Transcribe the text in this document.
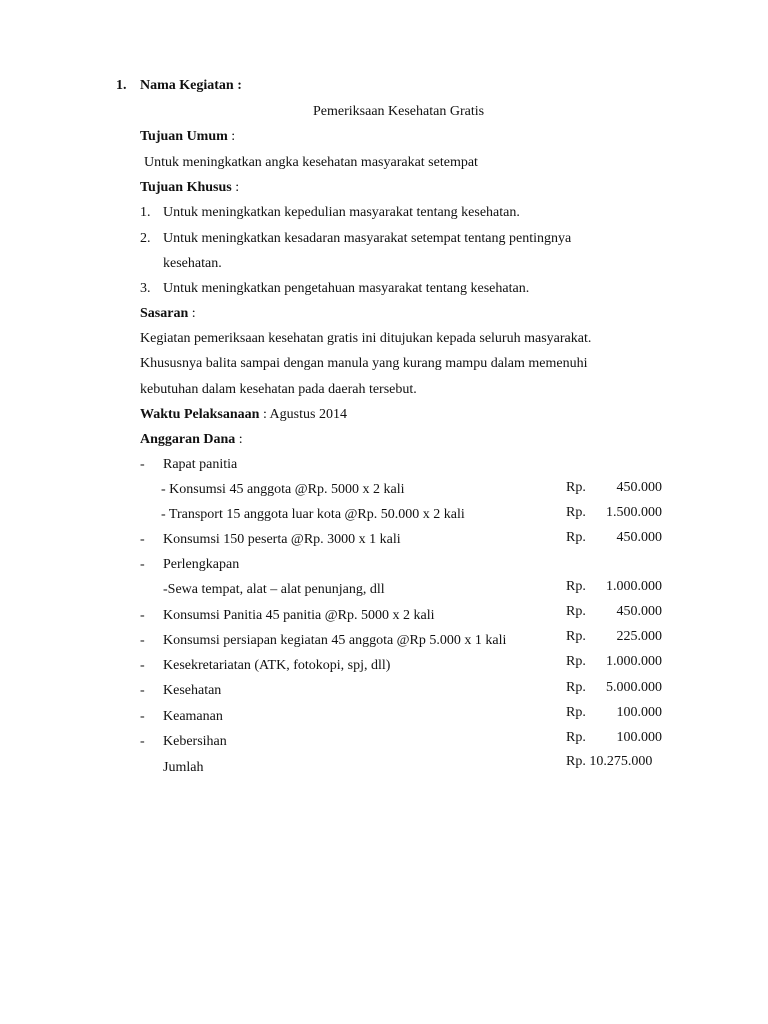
1. Nama Kegiatan :
Pemeriksaan Kesehatan Gratis
Tujuan Umum :
Untuk meningkatkan angka kesehatan masyarakat setempat
Tujuan Khusus :
1. Untuk meningkatkan kepedulian masyarakat tentang kesehatan.
2. Untuk meningkatkan kesadaran masyarakat setempat tentang pentingnya
kesehatan.
3. Untuk meningkatkan pengetahuan masyarakat tentang kesehatan.
Sasaran :
Kegiatan pemeriksaan kesehatan gratis ini ditujukan kepada seluruh masyarakat.
Khususnya balita sampai dengan manula yang kurang mampu dalam memenuhi
kebutuhan dalam kesehatan pada daerah tersebut.
Waktu Pelaksanaan : Agustus 2014
Anggaran Dana :
- Rapat panitia
- Konsumsi 45 anggota @Rp. 5000 x 2 kali	Rp. 450.000
- Transport 15 anggota luar kota @Rp. 50.000 x 2 kali	Rp. 1.500.000
- Konsumsi 150 peserta @Rp. 3000 x 1 kali	Rp. 450.000
- Perlengkapan
-Sewa tempat, alat – alat penunjang, dll	Rp. 1.000.000
- Konsumsi Panitia 45 panitia @Rp. 5000 x 2 kali	Rp. 450.000
- Konsumsi persiapan kegiatan 45 anggota @Rp 5.000 x 1 kali	Rp. 225.000
- Kesekretariatan (ATK, fotokopi, spj, dll)	Rp. 1.000.000
- Kesehatan	Rp. 5.000.000
- Keamanan	Rp. 100.000
- Kebersihan	Rp. 100.000
Jumlah	Rp. 10.275.000
